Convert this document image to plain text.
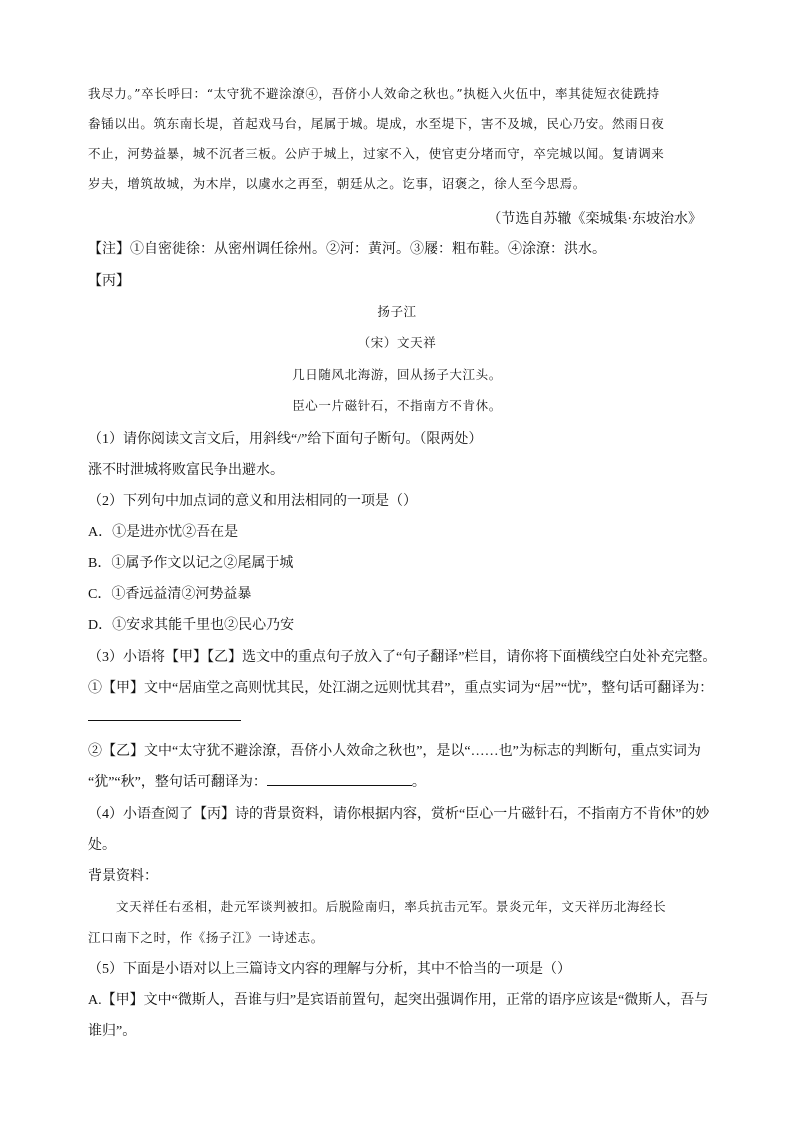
我尽力。”卒长呼曰：“太守犹不避涂潦④，吾侪小人效命之秋也。”执梃入火伍中，率其徒短衣徒跣持
畚锸以出。筑东南长堤，首起戏马台，尾属于城。堤成，水至堤下，害不及城，民心乃安。然雨日夜
不止，河势益暴，城不沉者三板。公庐于城上，过家不入，使官吏分堵而守，卒完城以闻。复请调来
岁夫，增筑故城，为木岸，以虞水之再至，朝廷从之。讫事，诏褒之，徐人至今思焉。
（节选自苏辙《栾城集·东坡治水》
【注】①自密徙徐：从密州调任徐州。②河：黄河。③屦：粗布鞋。④涂潦：洪水。
【丙】
扬子江
（宋）文天祥
几日随风北海游，回从扬子大江头。
臣心一片磁针石，不指南方不肯休。
（1）请你阅读文言文后，用斜线“/”给下面句子断句。（限两处）
涨不时泄城将败富民争出避水。
（2）下列句中加点词的意义和用法相同的一项是（）
A．①是进亦忧②吾在是
B．①属予作文以记之②尾属于城
C．①香远益清②河势益暴
D．①安求其能千里也②民心乃安
（3）小语将【甲】【乙】选文中的重点句子放入了“句子翻译”栏目，请你将下面横线空白处补充完整。
①【甲】文中“居庙堂之高则忧其民，处江湖之远则忧其君”，重点实词为“居”“忧”，整句话可翻译为：
②【乙】文中“太守犹不避涂潦，吾侪小人效命之秋也”，是以“……也”为标志的判断句，重点实词为
“犹”“秋”，整句话可翻译为：	。
（4）小语查阅了【丙】诗的背景资料，请你根据内容，赏析“臣心一片磁针石，不指南方不肯休”的妙
处。
背景资料：
文天祥任右丞相，赴元军谈判被扣。后脱险南归，率兵抗击元军。景炎元年，文天祥历北海经长
江口南下之时，作《扬子江》一诗述志。
（5）下面是小语对以上三篇诗文内容的理解与分析，其中不恰当的一项是（）
A.【甲】文中“微斯人，吾谁与归”是宾语前置句，起突出强调作用，正常的语序应该是“微斯人，吾与
谁归”。
